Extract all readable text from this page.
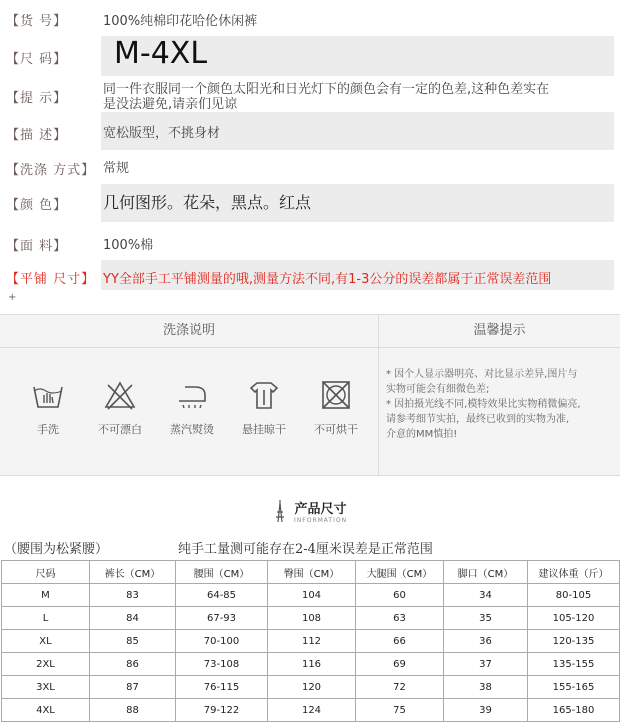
【货 号】	100%纯棉印花哈伦休闲裤
【尺 码】 M-4XL
【提 示】
同一件衣服同一个颜色太阳光和日光灯下的颜色会有一定的色差,这种色差实在
是没法避免,请亲们见谅
【描 述】	宽松版型，不挑身材
【洗涤 方式】 常规
【颜 色】 几何图形。花朵，黑点。红点
【面 料】	100%棉
【平铺 尺寸】 YY全部手工平铺测量的哦,测量方法不同,有1-3公分的误差都属于正常误差范围
+
洗涤说明	温馨提示
手洗	不可漂白	蒸汽熨烫	悬挂晾干	不可烘干
* 因个人显示器明亮、对比显示差异,图片与
实物可能会有细微色差;
* 因拍摄光线不同,模特效果比实物稍微偏亮,
请参考细节实拍，最终已收到的实物为准,
介意的MM慎拍!

产品尺寸
INFORMATION
（腰围为松紧腰）	纯手工量测可能存在2-4厘米误差是正常范围
尺码	裤长（CM）	腰围（CM）	臀围（CM）	大腿围（CM）	脚口（CM）	建议体重（斤）
M	83	64-85	104	60	34	80-105
L	84	67-93	108	63	35	105-120
XL	85	70-100	112	66	36	120-135
2XL	86	73-108	116	69	37	135-155
3XL	87	76-115	120	72	38	155-165
4XL	88	79-122	124	75	39	165-180
